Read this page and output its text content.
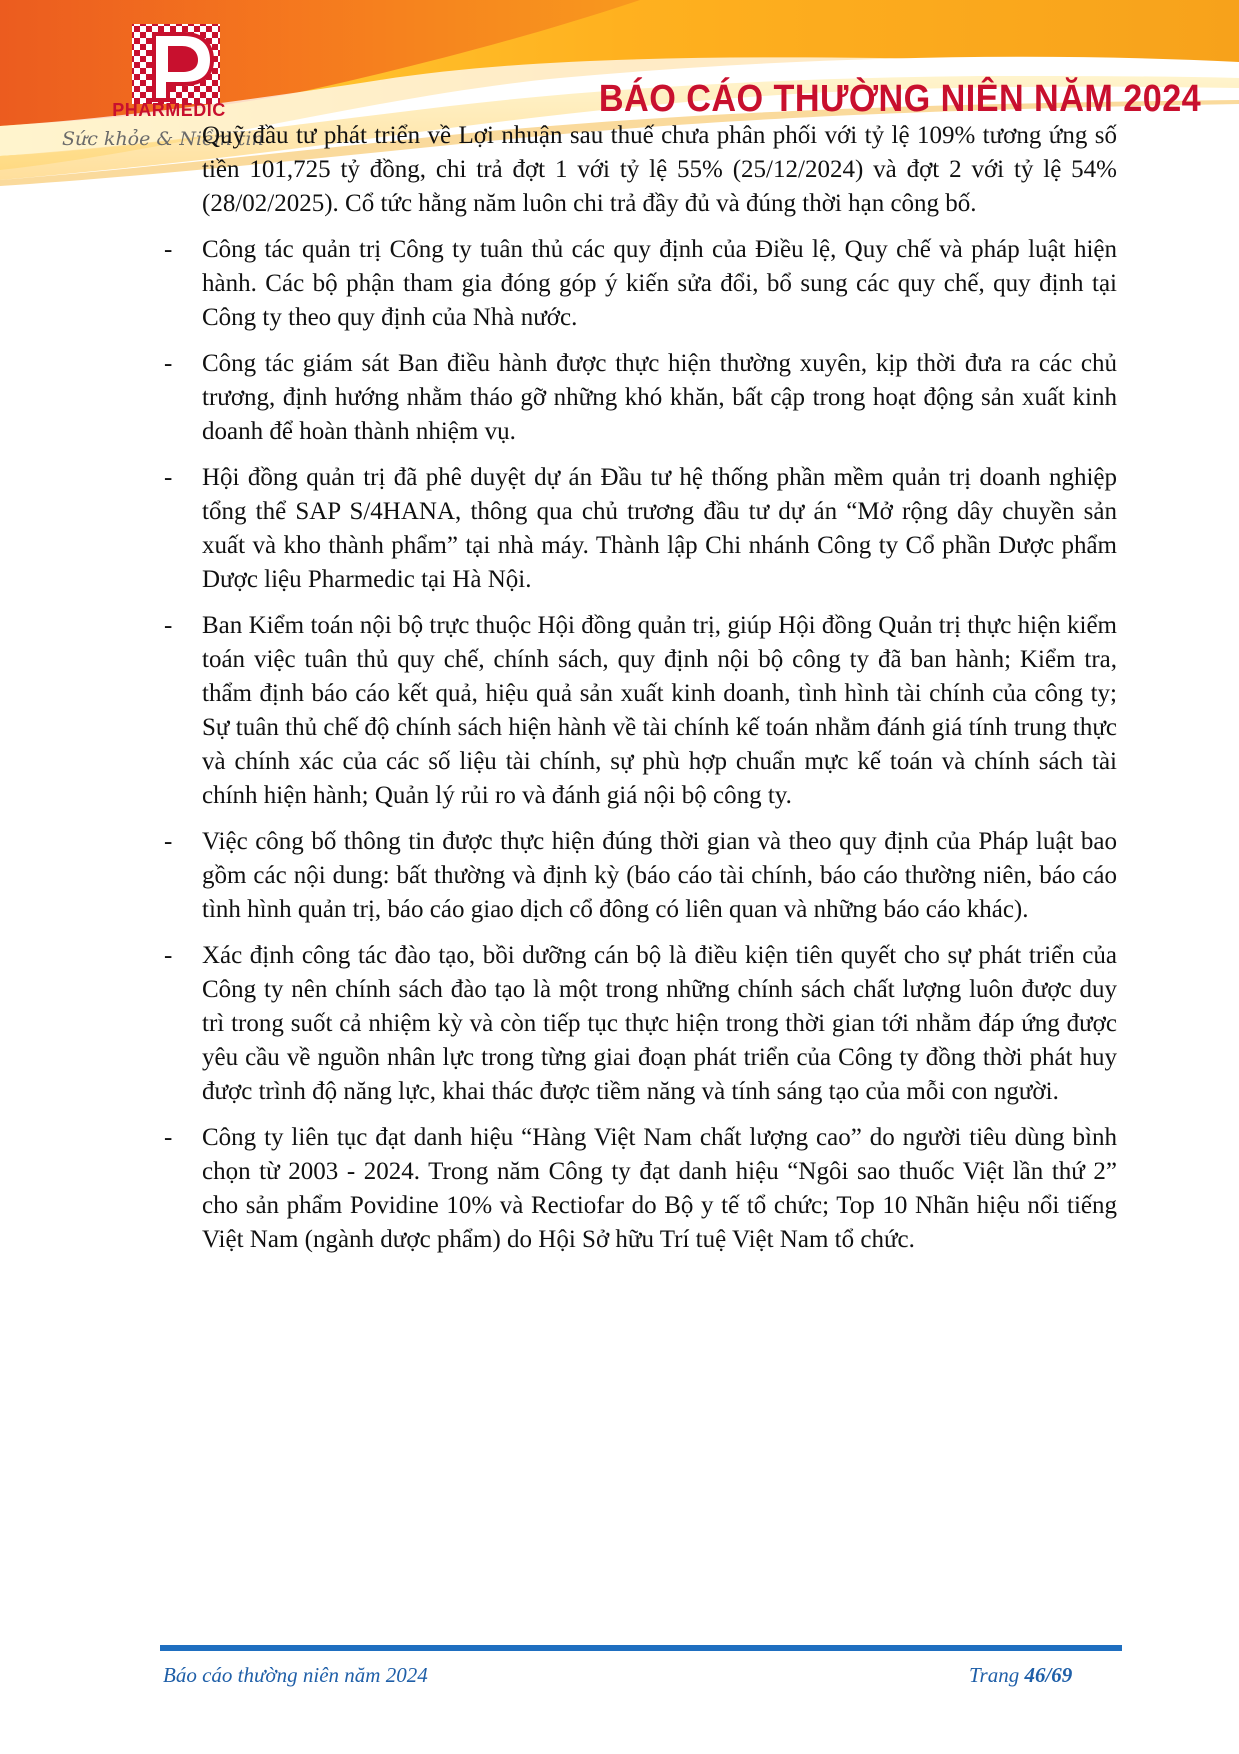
PHARMEDIC
Sức khỏe & Niềm tin
BÁO CÁO THƯỜNG NIÊN NĂM 2024

Quỹ đầu tư phát triển về Lợi nhuận sau thuế chưa phân phối với tỷ lệ 109% tương ứng số tiền 101,725 tỷ đồng, chi trả đợt 1 với tỷ lệ 55% (25/12/2024) và đợt 2 với tỷ lệ 54% (28/02/2025). Cổ tức hằng năm luôn chi trả đầy đủ và đúng thời hạn công bố.

- Công tác quản trị Công ty tuân thủ các quy định của Điều lệ, Quy chế và pháp luật hiện hành. Các bộ phận tham gia đóng góp ý kiến sửa đổi, bổ sung các quy chế, quy định tại Công ty theo quy định của Nhà nước.
- Công tác giám sát Ban điều hành được thực hiện thường xuyên, kịp thời đưa ra các chủ trương, định hướng nhằm tháo gỡ những khó khăn, bất cập trong hoạt động sản xuất kinh doanh để hoàn thành nhiệm vụ.
- Hội đồng quản trị đã phê duyệt dự án Đầu tư hệ thống phần mềm quản trị doanh nghiệp tổng thể SAP S/4HANA, thông qua chủ trương đầu tư dự án “Mở rộng dây chuyền sản xuất và kho thành phẩm” tại nhà máy. Thành lập Chi nhánh Công ty Cổ phần Dược phẩm Dược liệu Pharmedic tại Hà Nội.
- Ban Kiểm toán nội bộ trực thuộc Hội đồng quản trị, giúp Hội đồng Quản trị thực hiện kiểm toán việc tuân thủ quy chế, chính sách, quy định nội bộ công ty đã ban hành; Kiểm tra, thẩm định báo cáo kết quả, hiệu quả sản xuất kinh doanh, tình hình tài chính của công ty; Sự tuân thủ chế độ chính sách hiện hành về tài chính kế toán nhằm đánh giá tính trung thực và chính xác của các số liệu tài chính, sự phù hợp chuẩn mực kế toán và chính sách tài chính hiện hành; Quản lý rủi ro và đánh giá nội bộ công ty.
- Việc công bố thông tin được thực hiện đúng thời gian và theo quy định của Pháp luật bao gồm các nội dung: bất thường và định kỳ (báo cáo tài chính, báo cáo thường niên, báo cáo tình hình quản trị, báo cáo giao dịch cổ đông có liên quan và những báo cáo khác).
- Xác định công tác đào tạo, bồi dưỡng cán bộ là điều kiện tiên quyết cho sự phát triển của Công ty nên chính sách đào tạo là một trong những chính sách chất lượng luôn được duy trì trong suốt cả nhiệm kỳ và còn tiếp tục thực hiện trong thời gian tới nhằm đáp ứng được yêu cầu về nguồn nhân lực trong từng giai đoạn phát triển của Công ty đồng thời phát huy được trình độ năng lực, khai thác được tiềm năng và tính sáng tạo của mỗi con người.
- Công ty liên tục đạt danh hiệu “Hàng Việt Nam chất lượng cao” do người tiêu dùng bình chọn từ 2003 - 2024. Trong năm Công ty đạt danh hiệu “Ngôi sao thuốc Việt lần thứ 2” cho sản phẩm Povidine 10% và Rectiofar do Bộ y tế tổ chức; Top 10 Nhãn hiệu nổi tiếng Việt Nam (ngành dược phẩm) do Hội Sở hữu Trí tuệ Việt Nam tổ chức.
Báo cáo thường niên năm 2024	Trang 46/69
